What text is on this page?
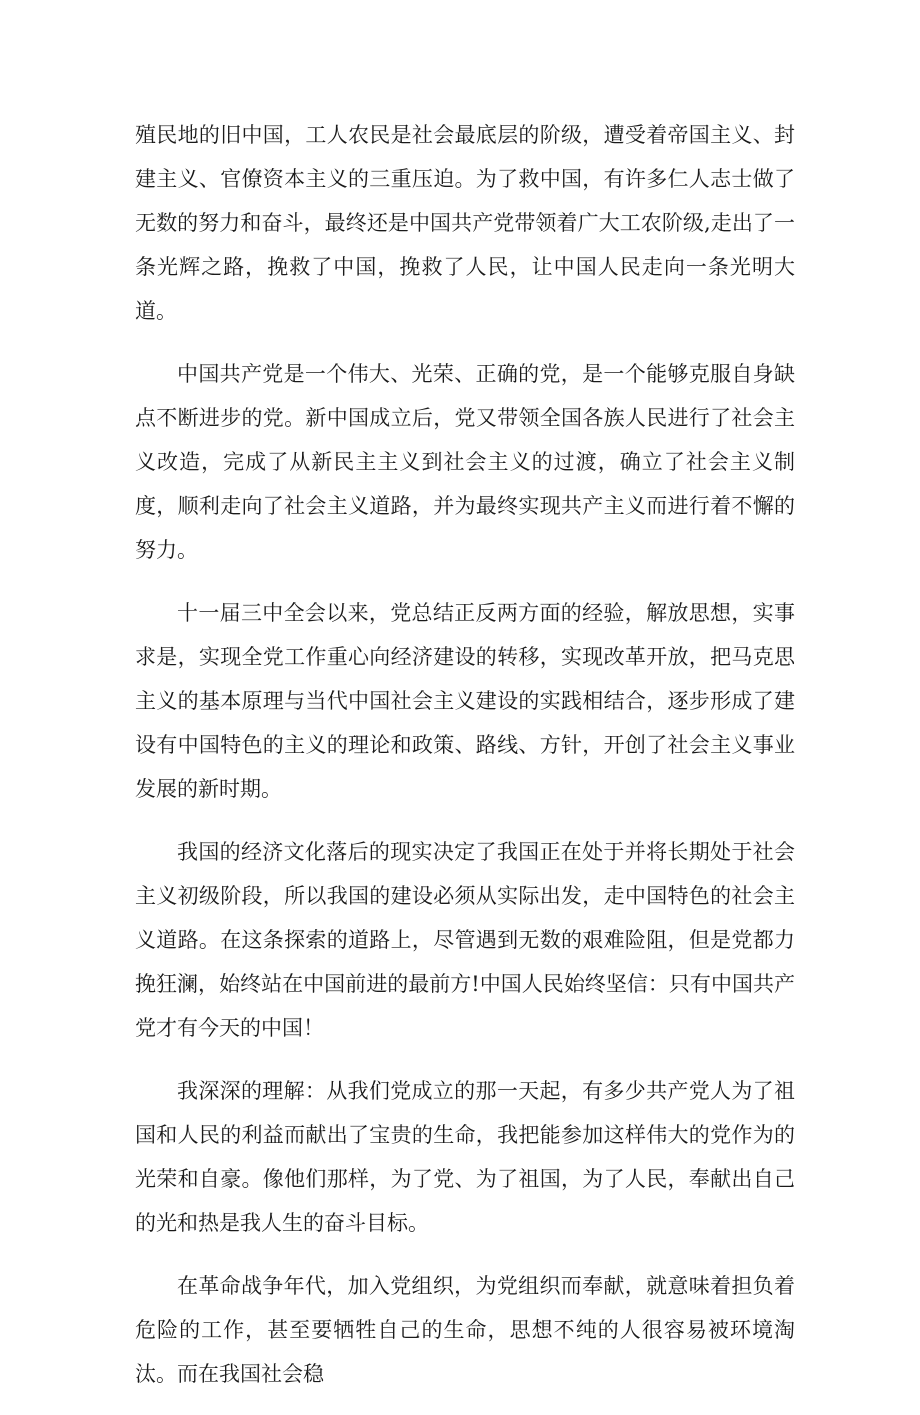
殖民地的旧中国，工人农民是社会最底层的阶级，遭受着帝国主义、封建主义、官僚资本主义的三重压迫。为了救中国，有许多仁人志士做了无数的努力和奋斗，最终还是中国共产党带领着广大工农阶级,走出了一条光辉之路，挽救了中国，挽救了人民，让中国人民走向一条光明大道。

中国共产党是一个伟大、光荣、正确的党，是一个能够克服自身缺点不断进步的党。新中国成立后，党又带领全国各族人民进行了社会主义改造，完成了从新民主主义到社会主义的过渡，确立了社会主义制度，顺利走向了社会主义道路，并为最终实现共产主义而进行着不懈的努力。

十一届三中全会以来，党总结正反两方面的经验，解放思想，实事求是，实现全党工作重心向经济建设的转移，实现改革开放，把马克思主义的基本原理与当代中国社会主义建设的实践相结合，逐步形成了建设有中国特色的主义的理论和政策、路线、方针，开创了社会主义事业发展的新时期。

我国的经济文化落后的现实决定了我国正在处于并将长期处于社会主义初级阶段，所以我国的建设必须从实际出发，走中国特色的社会主义道路。在这条探索的道路上，尽管遇到无数的艰难险阻，但是党都力挽狂澜，始终站在中国前进的最前方!中国人民始终坚信：只有中国共产党才有今天的中国！

我深深的理解：从我们党成立的那一天起，有多少共产党人为了祖国和人民的利益而献出了宝贵的生命，我把能参加这样伟大的党作为的光荣和自豪。像他们那样，为了党、为了祖国，为了人民，奉献出自己的光和热是我人生的奋斗目标。

在革命战争年代，加入党组织，为党组织而奉献，就意味着担负着危险的工作，甚至要牺牲自己的生命，思想不纯的人很容易被环境淘汰。而在我国社会稳
